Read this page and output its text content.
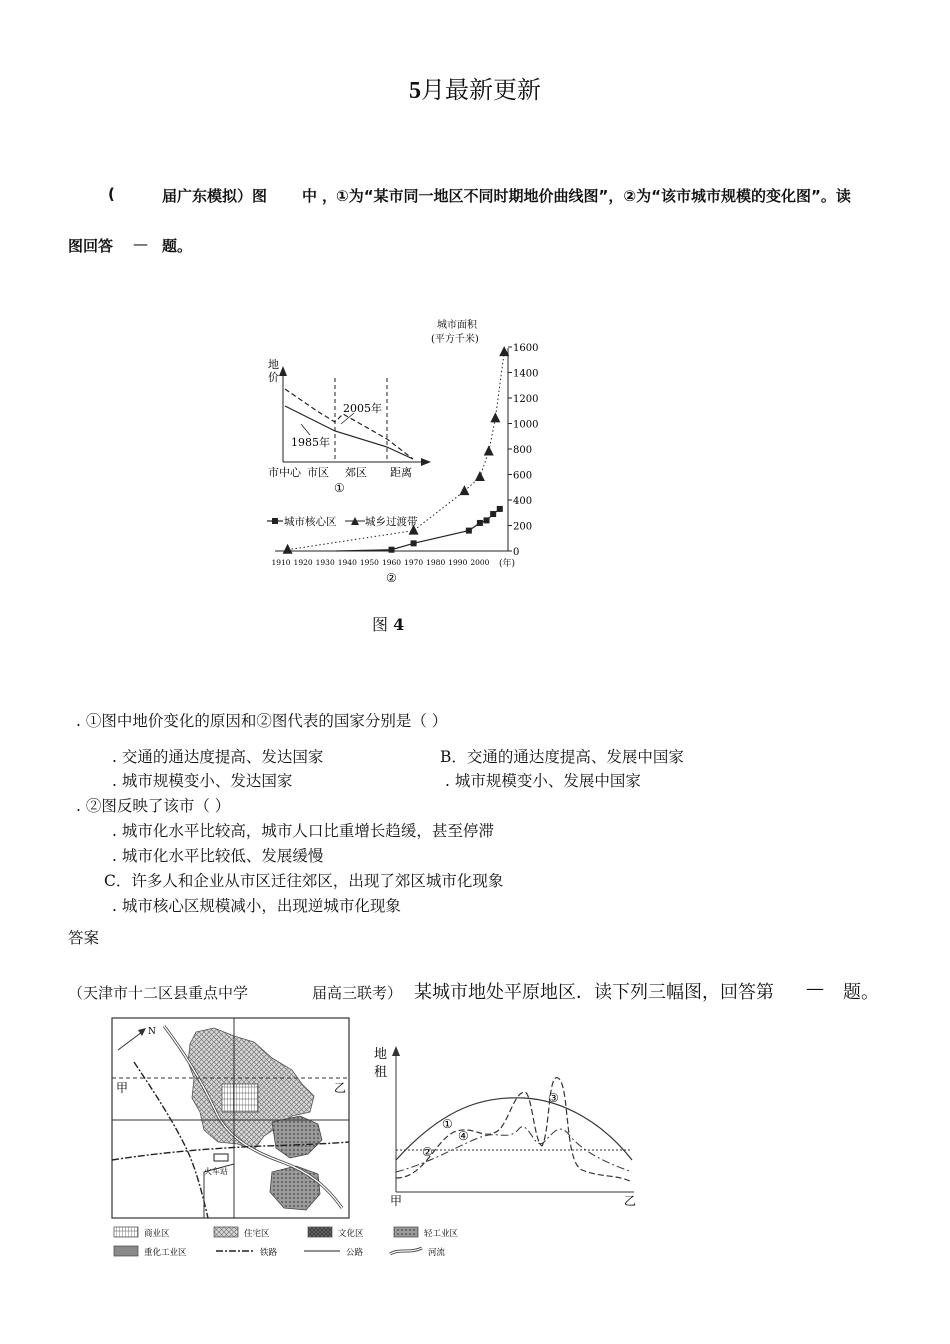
5月最新更新
(	届广东模拟）图 中 ，
①为“某市同一地区不同时期地价曲线图”，②为“该市城市规模的变化图”。读
图回答 — 题。
地
价
2005年
1985年
市中心 市区 郊区 距离
①
城市面积
(平方千米)
0
200
400
600
800
1000
1200
1400
1600
1910 1920 1930 1940 1950 1960 1970 1980 1990 2000
城市核心区	城乡过渡带
(年)
②
图 4
. ①图中地价变化的原因和②图代表的国家分别是（ ）
. 交通的通达度提高、发达国家	B．交通的通达度提高、发展中国家
. 城市规模变小、发达国家	. 城市规模变小、发展中国家
. ②图反映了该市（ ）
. 城市化水平比较高，城市人口比重增长趋缓，甚至停滞
. 城市化水平比较低、发展缓慢
C．许多人和企业从市区迁往郊区，出现了郊区城市化现象
. 城市核心区规模减小，出现逆城市化现象
答案
（天津市十二区县重点中学	届高三联考） 某城市地处平原地区．读下列三幅图，回答第 — 题。
N
火车站
甲	乙
商业区	住宅区	文化区	轻工业区
重化工业区	铁路	公路	河流
地
租
甲	乙
①
②
③
④
